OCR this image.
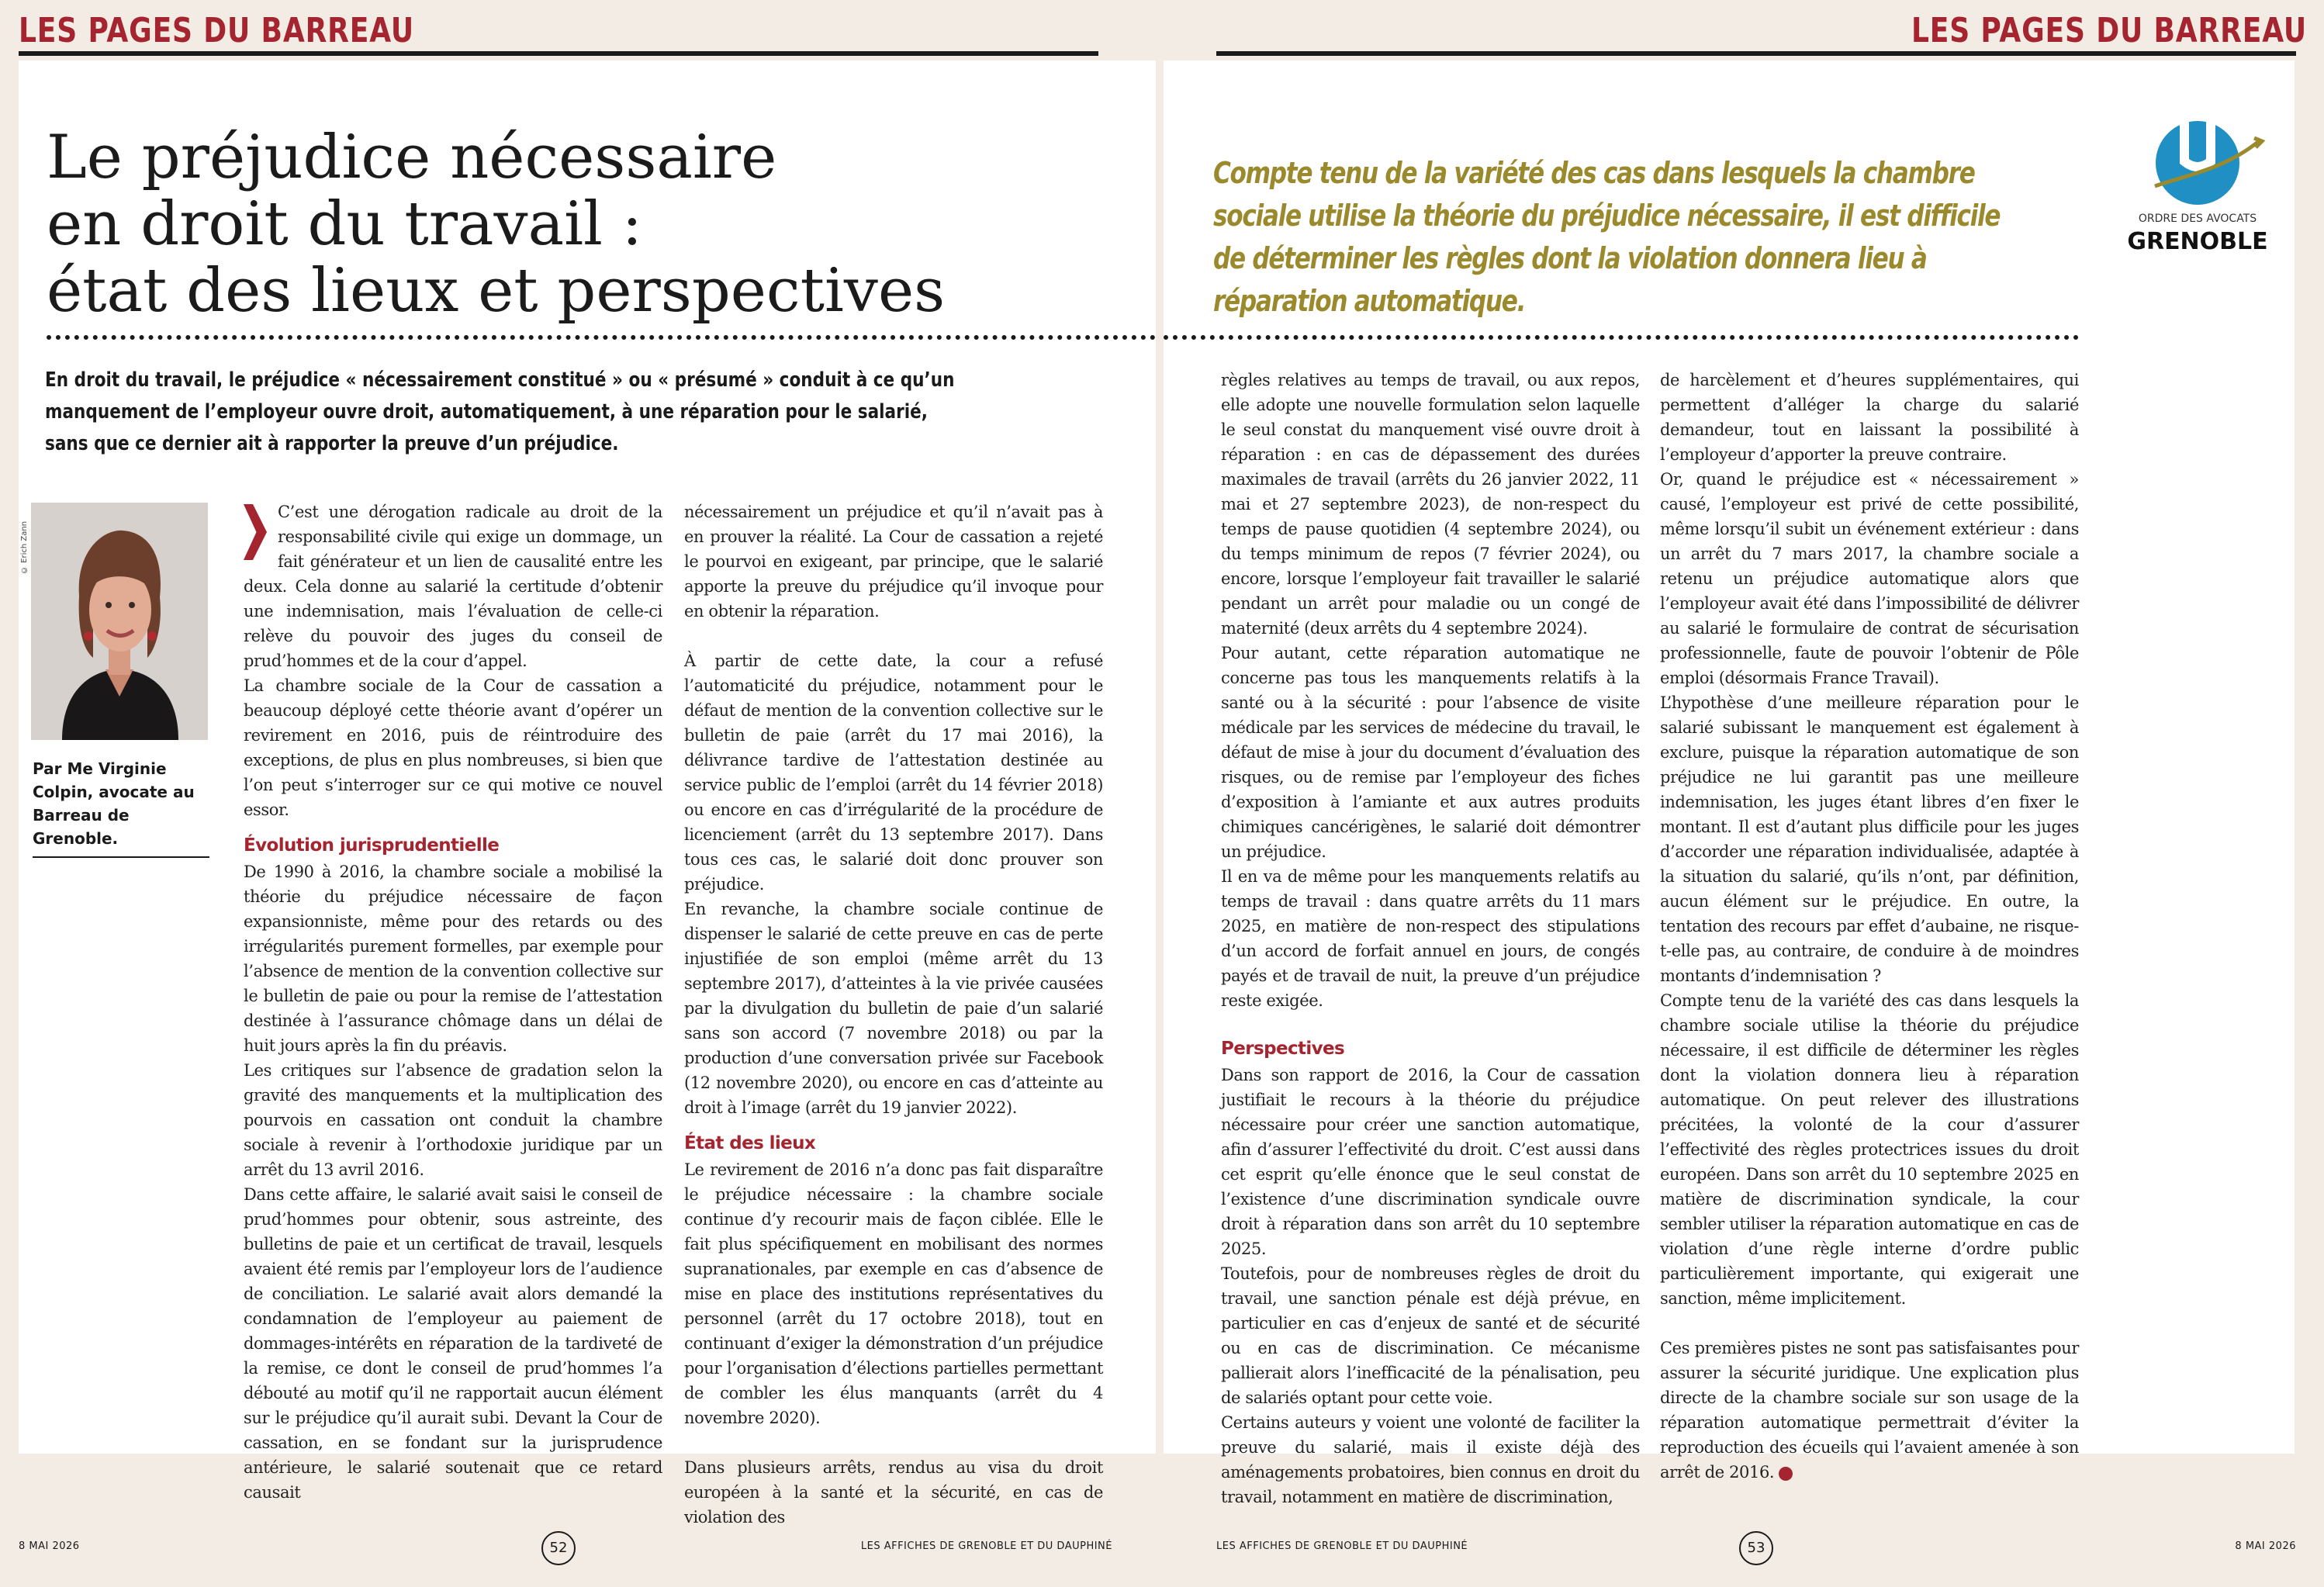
LES PAGES DU BARREAU
Le préjudice nécessaire
en droit du travail :
état des lieux et perspectives
En droit du travail, le préjudice « nécessairement constitué » ou « présumé » conduit à ce qu’un manquement de l’employeur ouvre droit, automatiquement, à une réparation pour le salarié, sans que ce dernier ait à rapporter la preuve d’un préjudice.
© Erich Zann
Par Me Virginie Colpin, avocate au Barreau de Grenoble.

C’est une dérogation radicale au droit de la responsabilité civile qui exige un dommage, un fait générateur et un lien de causalité entre les deux. Cela donne au salarié la certitude d’obtenir une indemnisation, mais l’évaluation de celle-ci relève du pouvoir des juges du conseil de prud’hommes et de la cour d’appel.

La chambre sociale de la Cour de cassation a beaucoup déployé cette théorie avant d’opérer un revirement en 2016, puis de réintroduire des exceptions, de plus en plus nombreuses, si bien que l’on peut s’interroger sur ce qui motive ce nouvel essor.

Évolution jurisprudentielle

De 1990 à 2016, la chambre sociale a mobilisé la théorie du préjudice nécessaire de façon expansionniste, même pour des retards ou des irrégularités purement formelles, par exemple pour l’absence de mention de la convention collective sur le bulletin de paie ou pour la remise de l’attestation destinée à l’assurance chômage dans un délai de huit jours après la fin du préavis.

Les critiques sur l’absence de gradation selon la gravité des manquements et la multiplication des pourvois en cassation ont conduit la chambre sociale à revenir à l’orthodoxie juridique par un arrêt du 13 avril 2016.

Dans cette affaire, le salarié avait saisi le conseil de prud’hommes pour obtenir, sous astreinte, des bulletins de paie et un certificat de travail, lesquels avaient été remis par l’employeur lors de l’audience de conciliation. Le salarié avait alors demandé la condamnation de l’employeur au paiement de dommages-intérêts en réparation de la tardiveté de la remise, ce dont le conseil de prud’hommes l’a débouté au motif qu’il ne rapportait aucun élément sur le préjudice qu’il aurait subi. Devant la Cour de cassation, en se fondant sur la jurisprudence antérieure, le salarié soutenait que ce retard causait

nécessairement un préjudice et qu’il n’avait pas à en prouver la réalité. La Cour de cassation a rejeté le pourvoi en exigeant, par principe, que le salarié apporte la preuve du préjudice qu’il invoque pour en obtenir la réparation.

À partir de cette date, la cour a refusé l’automaticité du préjudice, notamment pour le défaut de mention de la convention collective sur le bulletin de paie (arrêt du 17 mai 2016), la délivrance tardive de l’attestation destinée au service public de l’emploi (arrêt du 14 février 2018) ou encore en cas d’irrégularité de la procédure de licenciement (arrêt du 13 septembre 2017). Dans tous ces cas, le salarié doit donc prouver son préjudice.

En revanche, la chambre sociale continue de dispenser le salarié de cette preuve en cas de perte injustifiée de son emploi (même arrêt du 13 septembre 2017), d’atteintes à la vie privée causées par la divulgation du bulletin de paie d’un salarié sans son accord (7 novembre 2018) ou par la production d’une conversation privée sur Facebook (12 novembre 2020), ou encore en cas d’atteinte au droit à l’image (arrêt du 19 janvier 2022).

État des lieux

Le revirement de 2016 n’a donc pas fait disparaître le préjudice nécessaire : la chambre sociale continue d’y recourir mais de façon ciblée. Elle le fait plus spécifiquement en mobilisant des normes supranationales, par exemple en cas d’absence de mise en place des institutions représentatives du personnel (arrêt du 17 octobre 2018), tout en continuant d’exiger la démonstration d’un préjudice pour l’organisation d’élections partielles permettant de combler les élus manquants (arrêt du 4 novembre 2020).

Dans plusieurs arrêts, rendus au visa du droit européen à la santé et la sécurité, en cas de violation des

8 MAI 2026	52	LES AFFICHES DE GRENOBLE ET DU DAUPHINÉ
LES PAGES DU BARREAU
Compte tenu de la variété des cas dans lesquels la chambre sociale utilise la théorie du préjudice nécessaire, il est difficile de déterminer les règles dont la violation donnera lieu à réparation automatique.
ORDRE DES AVOCATS
GRENOBLE

règles relatives au temps de travail, ou aux repos, elle adopte une nouvelle formulation selon laquelle le seul constat du manquement visé ouvre droit à réparation : en cas de dépassement des durées maximales de travail (arrêts du 26 janvier 2022, 11 mai et 27 septembre 2023), de non-respect du temps de pause quotidien (4 septembre 2024), ou du temps minimum de repos (7 février 2024), ou encore, lorsque l’employeur fait travailler le salarié pendant un arrêt pour maladie ou un congé de maternité (deux arrêts du 4 septembre 2024).

Pour autant, cette réparation automatique ne concerne pas tous les manquements relatifs à la santé ou à la sécurité : pour l’absence de visite médicale par les services de médecine du travail, le défaut de mise à jour du document d’évaluation des risques, ou de remise par l’employeur des fiches d’exposition à l’amiante et aux autres produits chimiques cancérigènes, le salarié doit démontrer un préjudice.

Il en va de même pour les manquements relatifs au temps de travail : dans quatre arrêts du 11 mars 2025, en matière de non-respect des stipulations d’un accord de forfait annuel en jours, de congés payés et de travail de nuit, la preuve d’un préjudice reste exigée.

Perspectives

Dans son rapport de 2016, la Cour de cassation justifiait le recours à la théorie du préjudice nécessaire pour créer une sanction automatique, afin d’assurer l’effectivité du droit. C’est aussi dans cet esprit qu’elle énonce que le seul constat de l’existence d’une discrimination syndicale ouvre droit à réparation dans son arrêt du 10 septembre 2025.

Toutefois, pour de nombreuses règles de droit du travail, une sanction pénale est déjà prévue, en particulier en cas d’enjeux de santé et de sécurité ou en cas de discrimination. Ce mécanisme pallierait alors l’inefficacité de la pénalisation, peu de salariés optant pour cette voie.

Certains auteurs y voient une volonté de faciliter la preuve du salarié, mais il existe déjà des aménagements probatoires, bien connus en droit du travail, notamment en matière de discrimination,

de harcèlement et d’heures supplémentaires, qui permettent d’alléger la charge du salarié demandeur, tout en laissant la possibilité à l’employeur d’apporter la preuve contraire.

Or, quand le préjudice est « nécessairement » causé, l’employeur est privé de cette possibilité, même lorsqu’il subit un événement extérieur : dans un arrêt du 7 mars 2017, la chambre sociale a retenu un préjudice automatique alors que l’employeur avait été dans l’impossibilité de délivrer au salarié le formulaire de contrat de sécurisation professionnelle, faute de pouvoir l’obtenir de Pôle emploi (désormais France Travail).

L’hypothèse d’une meilleure réparation pour le salarié subissant le manquement est également à exclure, puisque la réparation automatique de son préjudice ne lui garantit pas une meilleure indemnisation, les juges étant libres d’en fixer le montant. Il est d’autant plus difficile pour les juges d’accorder une réparation individualisée, adaptée à la situation du salarié, qu’ils n’ont, par définition, aucun élément sur le préjudice. En outre, la tentation des recours par effet d’aubaine, ne risque-t-elle pas, au contraire, de conduire à de moindres montants d’indemnisation ?

Compte tenu de la variété des cas dans lesquels la chambre sociale utilise la théorie du préjudice nécessaire, il est difficile de déterminer les règles dont la violation donnera lieu à réparation automatique. On peut relever des illustrations précitées, la volonté de la cour d’assurer l’effectivité des règles protectrices issues du droit européen. Dans son arrêt du 10 septembre 2025 en matière de discrimination syndicale, la cour sembler utiliser la réparation automatique en cas de violation d’une règle interne d’ordre public particulièrement importante, qui exigerait une sanction, même implicitement.

Ces premières pistes ne sont pas satisfaisantes pour assurer la sécurité juridique. Une explication plus directe de la chambre sociale sur son usage de la réparation automatique permettrait d’éviter la reproduction des écueils qui l’avaient amenée à son arrêt de 2016.

LES AFFICHES DE GRENOBLE ET DU DAUPHINÉ	53	8 MAI 2026
